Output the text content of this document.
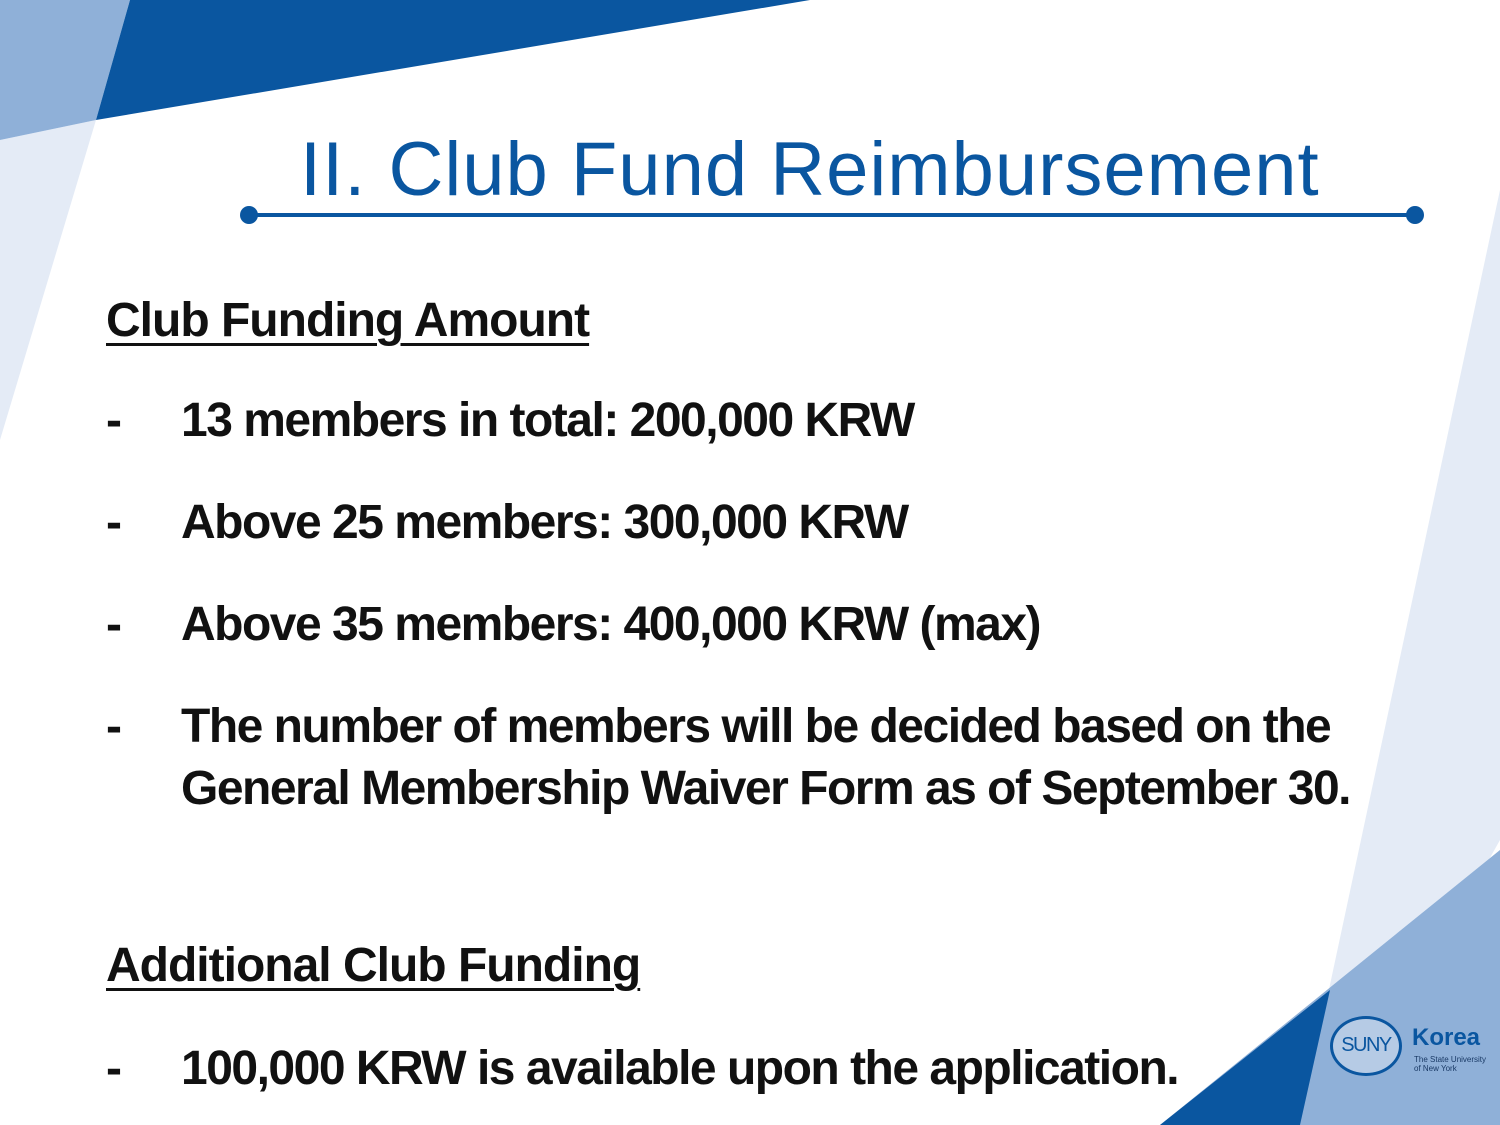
II. Club Fund Reimbursement
Club Funding Amount
-	13 members in total: 200,000 KRW
-	Above 25 members: 300,000 KRW
-	Above 35 members: 400,000 KRW (max)
-	The number of members will be decided based on the General Membership Waiver Form as of September 30.
Additional Club Funding
-	100,000 KRW is available upon the application.	SUNY Korea
The State University
of New York
